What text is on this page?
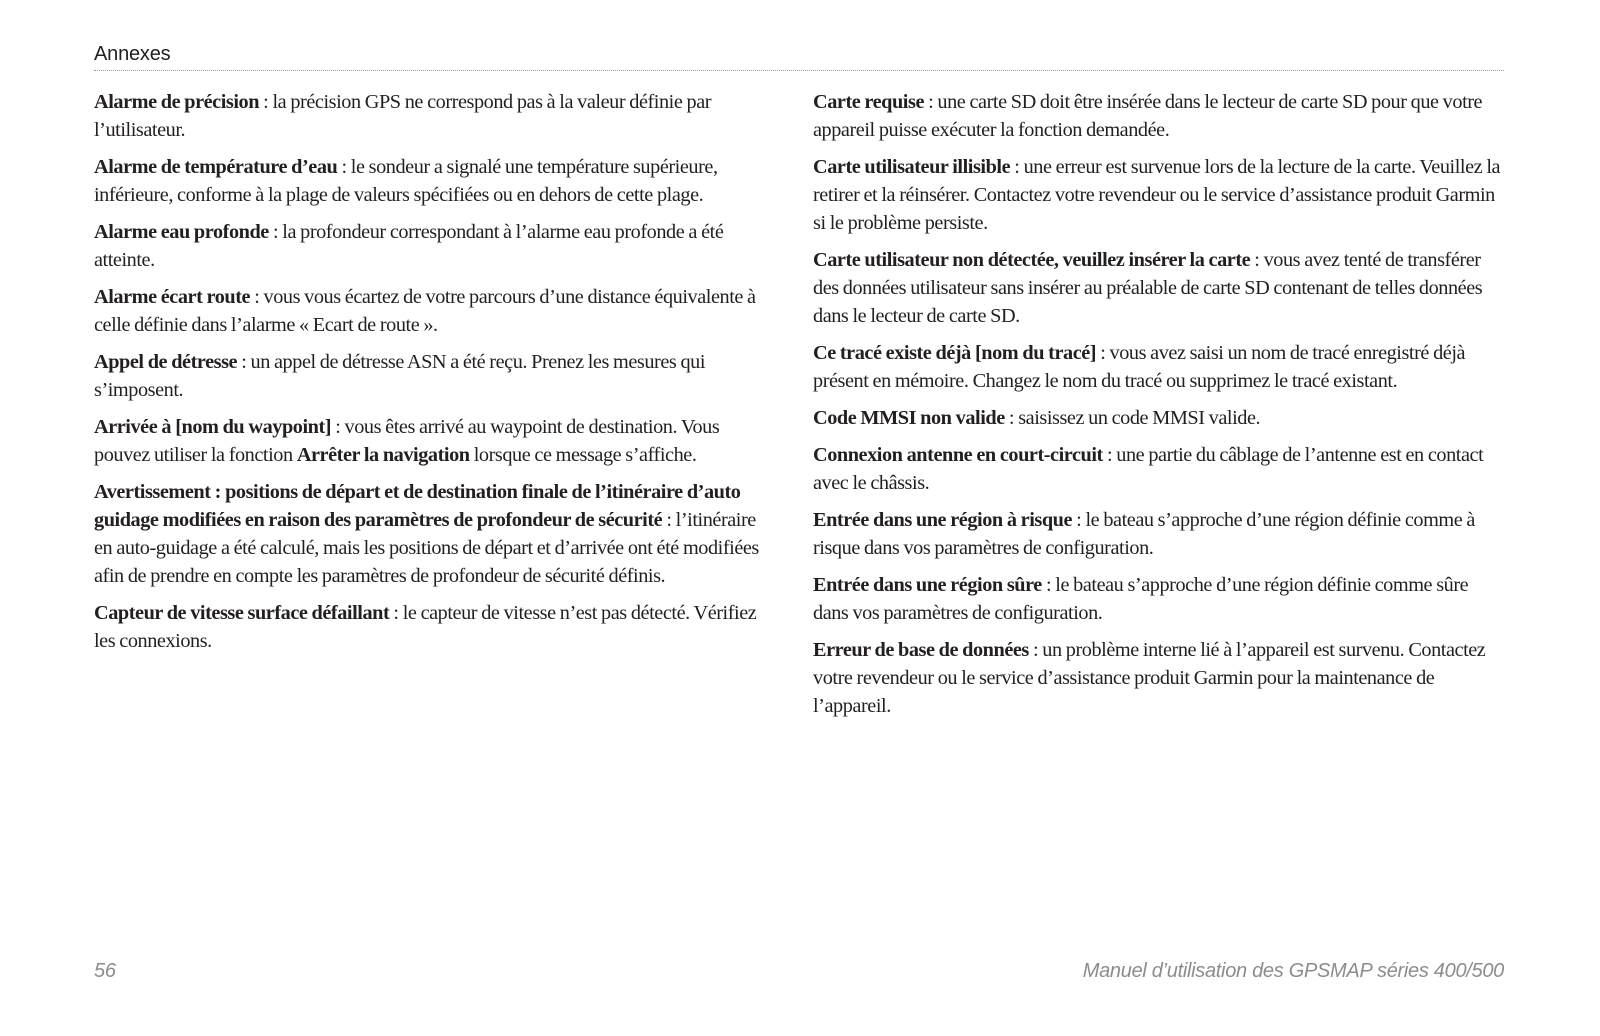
Annexes

Alarme de précision : la précision GPS ne correspond pas à la valeur définie par l’utilisateur.

Alarme de température d’eau : le sondeur a signalé une température supérieure, inférieure, conforme à la plage de valeurs spécifiées ou en dehors de cette plage.

Alarme eau profonde : la profondeur correspondant à l’alarme eau profonde a été atteinte.

Alarme écart route : vous vous écartez de votre parcours d’une distance équivalente à celle définie dans l’alarme « Ecart de route ».

Appel de détresse : un appel de détresse ASN a été reçu. Prenez les mesures qui s’imposent.

Arrivée à [nom du waypoint] : vous êtes arrivé au waypoint de destination. Vous pouvez utiliser la fonction Arrêter la navigation lorsque ce message s’affiche.

Avertissement : positions de départ et de destination finale de l’itinéraire d’auto guidage modifiées en raison des paramètres de profondeur de sécurité : l’itinéraire en auto-guidage a été calculé, mais les positions de départ et d’arrivée ont été modifiées afin de prendre en compte les paramètres de profondeur de sécurité définis.

Capteur de vitesse surface défaillant : le capteur de vitesse n’est pas détecté. Vérifiez les connexions.

Carte requise : une carte SD doit être insérée dans le lecteur de carte SD pour que votre appareil puisse exécuter la fonction demandée.

Carte utilisateur illisible : une erreur est survenue lors de la lecture de la carte. Veuillez la retirer et la réinsérer. Contactez votre revendeur ou le service d’assistance produit Garmin si le problème persiste.

Carte utilisateur non détectée, veuillez insérer la carte : vous avez tenté de transférer des données utilisateur sans insérer au préalable de carte SD contenant de telles données dans le lecteur de carte SD.

Ce tracé existe déjà [nom du tracé] : vous avez saisi un nom de tracé enregistré déjà présent en mémoire. Changez le nom du tracé ou supprimez le tracé existant.

Code MMSI non valide : saisissez un code MMSI valide.

Connexion antenne en court-circuit : une partie du câblage de l’antenne est en contact avec le châssis.

Entrée dans une région à risque : le bateau s’approche d’une région définie comme à risque dans vos paramètres de configuration.

Entrée dans une région sûre : le bateau s’approche d’une région définie comme sûre dans vos paramètres de configuration.

Erreur de base de données : un problème interne lié à l’appareil est survenu. Contactez votre revendeur ou le service d’assistance produit Garmin pour la maintenance de l’appareil.

56	Manuel d’utilisation des GPSMAP séries 400/500
